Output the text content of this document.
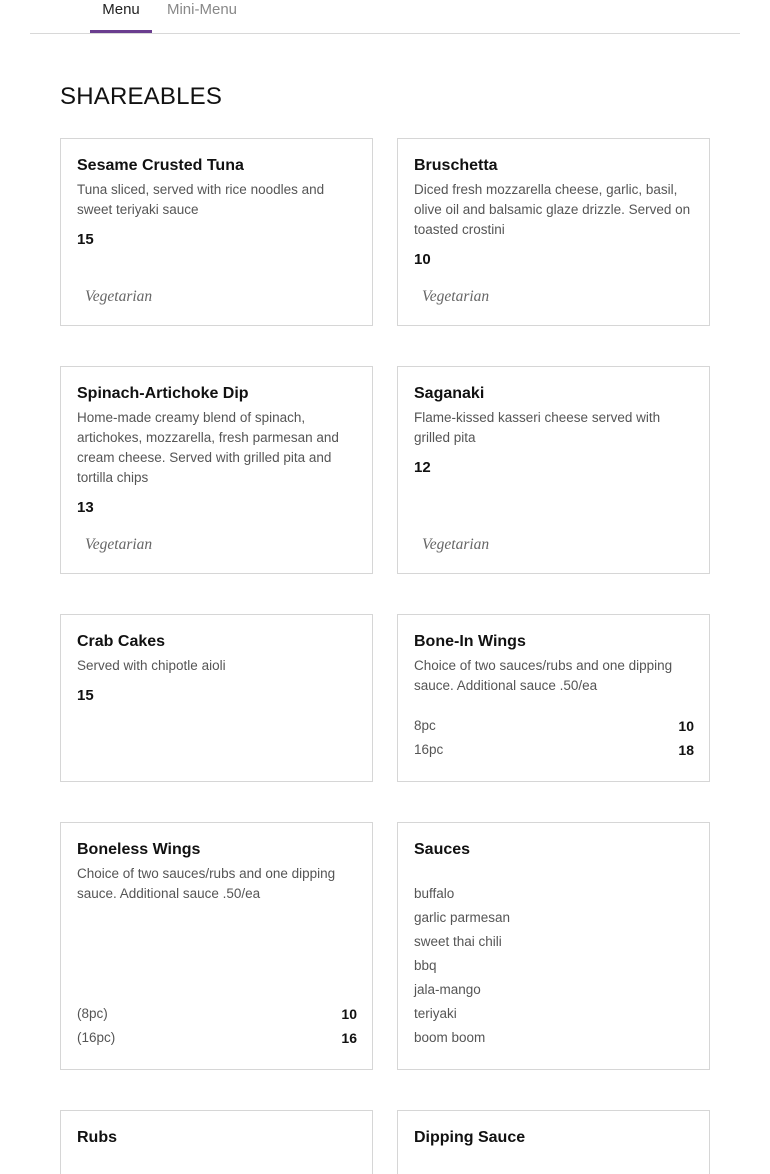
Menu	Mini-Menu
SHAREABLES
Sesame Crusted Tuna
Tuna sliced, served with rice noodles and sweet teriyaki sauce
15
Vegetarian
Bruschetta
Diced fresh mozzarella cheese, garlic, basil, olive oil and balsamic glaze drizzle. Served on toasted crostini
10
Vegetarian
Spinach-Artichoke Dip
Home-made creamy blend of spinach, artichokes, mozzarella, fresh parmesan and cream cheese. Served with grilled pita and tortilla chips
13
Vegetarian
Saganaki
Flame-kissed kasseri cheese served with grilled pita
12
Vegetarian
Crab Cakes
Served with chipotle aioli
15
Bone-In Wings
Choice of two sauces/rubs and one dipping sauce. Additional sauce .50/ea
8pc	10
16pc	18
Boneless Wings
Choice of two sauces/rubs and one dipping sauce. Additional sauce .50/ea
(8pc)	10
(16pc)	16
Sauces
buffalo
garlic parmesan
sweet thai chili
bbq
jala-mango
teriyaki
boom boom
Rubs	Dipping Sauce
